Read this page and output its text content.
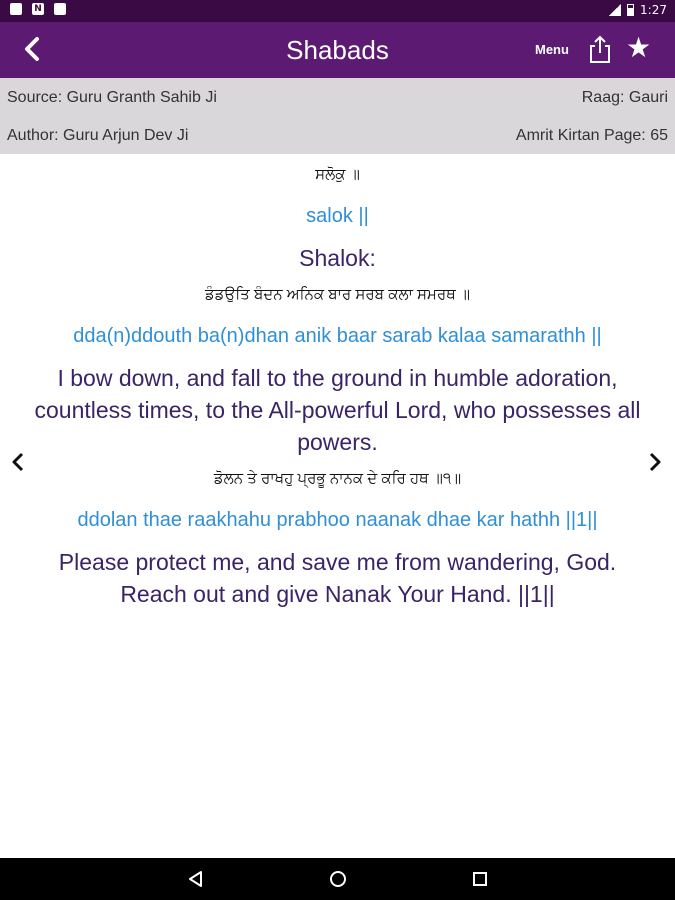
N	1:27
Shabads	Menu ★
Source: Guru Granth Sahib Ji	Raag: Gauri
Author: Guru Arjun Dev Ji	Amrit Kirtan Page: 65
ਸਲੋਕੁ ॥
salok ||
Shalok:
ਡੰਡਉਤਿ ਬੰਦਨ ਅਨਿਕ ਬਾਰ ਸਰਬ ਕਲਾ ਸਮਰਥ ॥
dda(n)ddouth ba(n)dhan anik baar sarab kalaa samarathh ||
I bow down, and fall to the ground in humble adoration, countless times, to the All-powerful Lord, who possesses all powers.
ਡੋਲਨ ਤੇ ਰਾਖਹੁ ਪ੍ਰਭੂ ਨਾਨਕ ਦੇ ਕਰਿ ਹਥ ॥੧॥
ddolan thae raakhahu prabhoo naanak dhae kar hathh ||1||
Please protect me, and save me from wandering, God. Reach out and give Nanak Your Hand. ||1||
